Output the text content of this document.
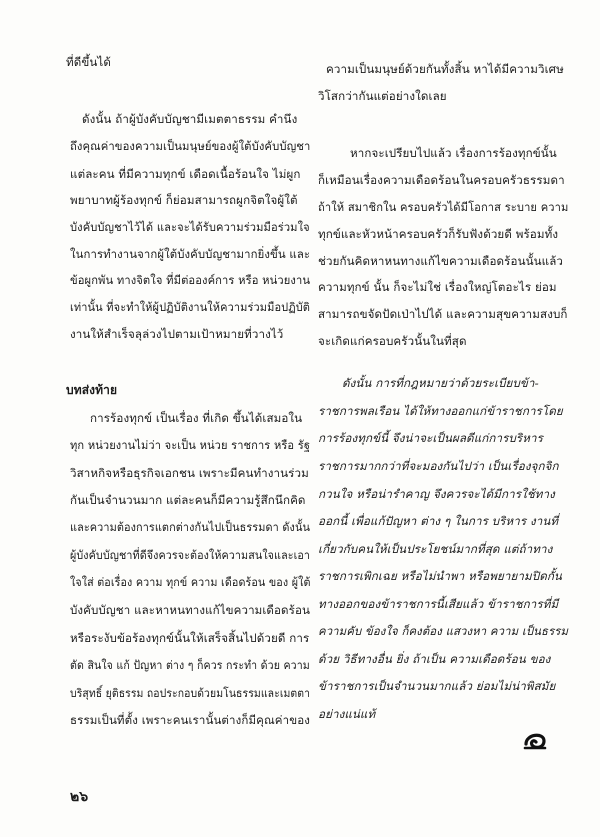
ที่ดีขึ้นได้
ดังนั้น ถ้าผู้บังคับบัญชามีเมตตาธรรม คำนึง
ถึงคุณค่าของความเป็นมนุษย์ของผู้ใต้บังคับบัญชา
แต่ละคน ที่มีความทุกข์ เดือดเนื้อร้อนใจ ไม่ผูก
พยาบาทผู้ร้องทุกข์ ก็ย่อมสามารถผูกจิตใจผู้ใต้
บังคับบัญชาไว้ได้ และจะได้รับความร่วมมือร่วมใจ
ในการทำงานจากผู้ใต้บังคับบัญชามากยิ่งขึ้น และ
ข้อผูกพัน ทางจิตใจ ที่มีต่อองค์การ หรือ หน่วยงาน
เท่านั้น ที่จะทำให้ผู้ปฏิบัติงานให้ความร่วมมือปฏิบัติ
งานให้สำเร็จลุล่วงไปตามเป้าหมายที่วางไว้
บทส่งท้าย
การร้องทุกข์ เป็นเรื่อง ที่เกิด ขึ้นได้เสมอใน
ทุก หน่วยงานไม่ว่า จะเป็น หน่วย ราชการ หรือ รัฐ
วิสาหกิจหรือธุรกิจเอกชน เพราะมีคนทำงานร่วม
กันเป็นจำนวนมาก แต่ละคนก็มีความรู้สึกนึกคิด
และความต้องการแตกต่างกันไปเป็นธรรมดา ดังนั้น
ผู้บังคับบัญชาที่ดีจึงควรจะต้องให้ความสนใจและเอา
ใจใส่ ต่อเรื่อง ความ ทุกข์ ความ เดือดร้อน ของ ผู้ใต้
บังคับบัญชา และหาหนทางแก้ไขความเดือดร้อน
หรือระงับข้อร้องทุกข์นั้นให้เสร็จสิ้นไปด้วยดี การ
ตัด สินใจ แก้ ปัญหา ต่าง ๆ ก็ควร กระทำ ด้วย ความ
บริสุทธิ์ ยุติธรรม ถอประกอบด้วยมโนธรรมและเมตตา
ธรรมเป็นที่ตั้ง เพราะคนเรานั้นต่างก็มีคุณค่าของ
ความเป็นมนุษย์ด้วยกันทั้งสิ้น หาได้มีความวิเศษ
วิโสกว่ากันแต่อย่างใดเลย
หากจะเปรียบไปแล้ว เรื่องการร้องทุกข์นั้น
ก็เหมือนเรื่องความเดือดร้อนในครอบครัวธรรมดา
ถ้าให้ สมาชิกใน ครอบครัวได้มีโอกาส ระบาย ความ
ทุกข์และหัวหน้าครอบครัวก็รับฟังด้วยดี พร้อมทั้ง
ช่วยกันคิดหาหนทางแก้ไขความเดือดร้อนนั้นแล้ว
ความทุกข์ นั้น ก็จะไม่ใช่ เรื่องใหญ่โตอะไร ย่อม
สามารถขจัดปัดเป่าไปได้ และความสุขความสงบก็
จะเกิดแก่ครอบครัวนั้นในที่สุด
ดังนั้น การที่กฎหมายว่าด้วยระเบียบข้า-
ราชการพลเรือน ได้ให้ทางออกแก่ข้าราชการโดย
การร้องทุกข์นี้ จึงน่าจะเป็นผลดีแก่การบริหาร
ราชการมากกว่าที่จะมองกันไปว่า เป็นเรื่องจุกจิก
กวนใจ หรือน่ารำคาญ จึงควรจะได้มีการใช้ทาง
ออกนี้ เพื่อแก้ปัญหา ต่าง ๆ ในการ บริหาร งานที่
เกี่ยวกับคนให้เป็นประโยชน์มากที่สุด แต่ถ้าทาง
ราชการเพิกเฉย หรือไม่นำพา หรือพยายามปิดกั้น
ทางออกของข้าราชการนี้เสียแล้ว ข้าราชการที่มี
ความคับ ข้องใจ ก็คงต้อง แสวงหา ความ เป็นธรรม
ด้วย วิธีทางอื่น ยิ่ง ถ้าเป็น ความเดือดร้อน ของ
ข้าราชการเป็นจำนวนมากแล้ว ย่อมไม่น่าพิสมัย
อย่างแน่แท้
๒๖
